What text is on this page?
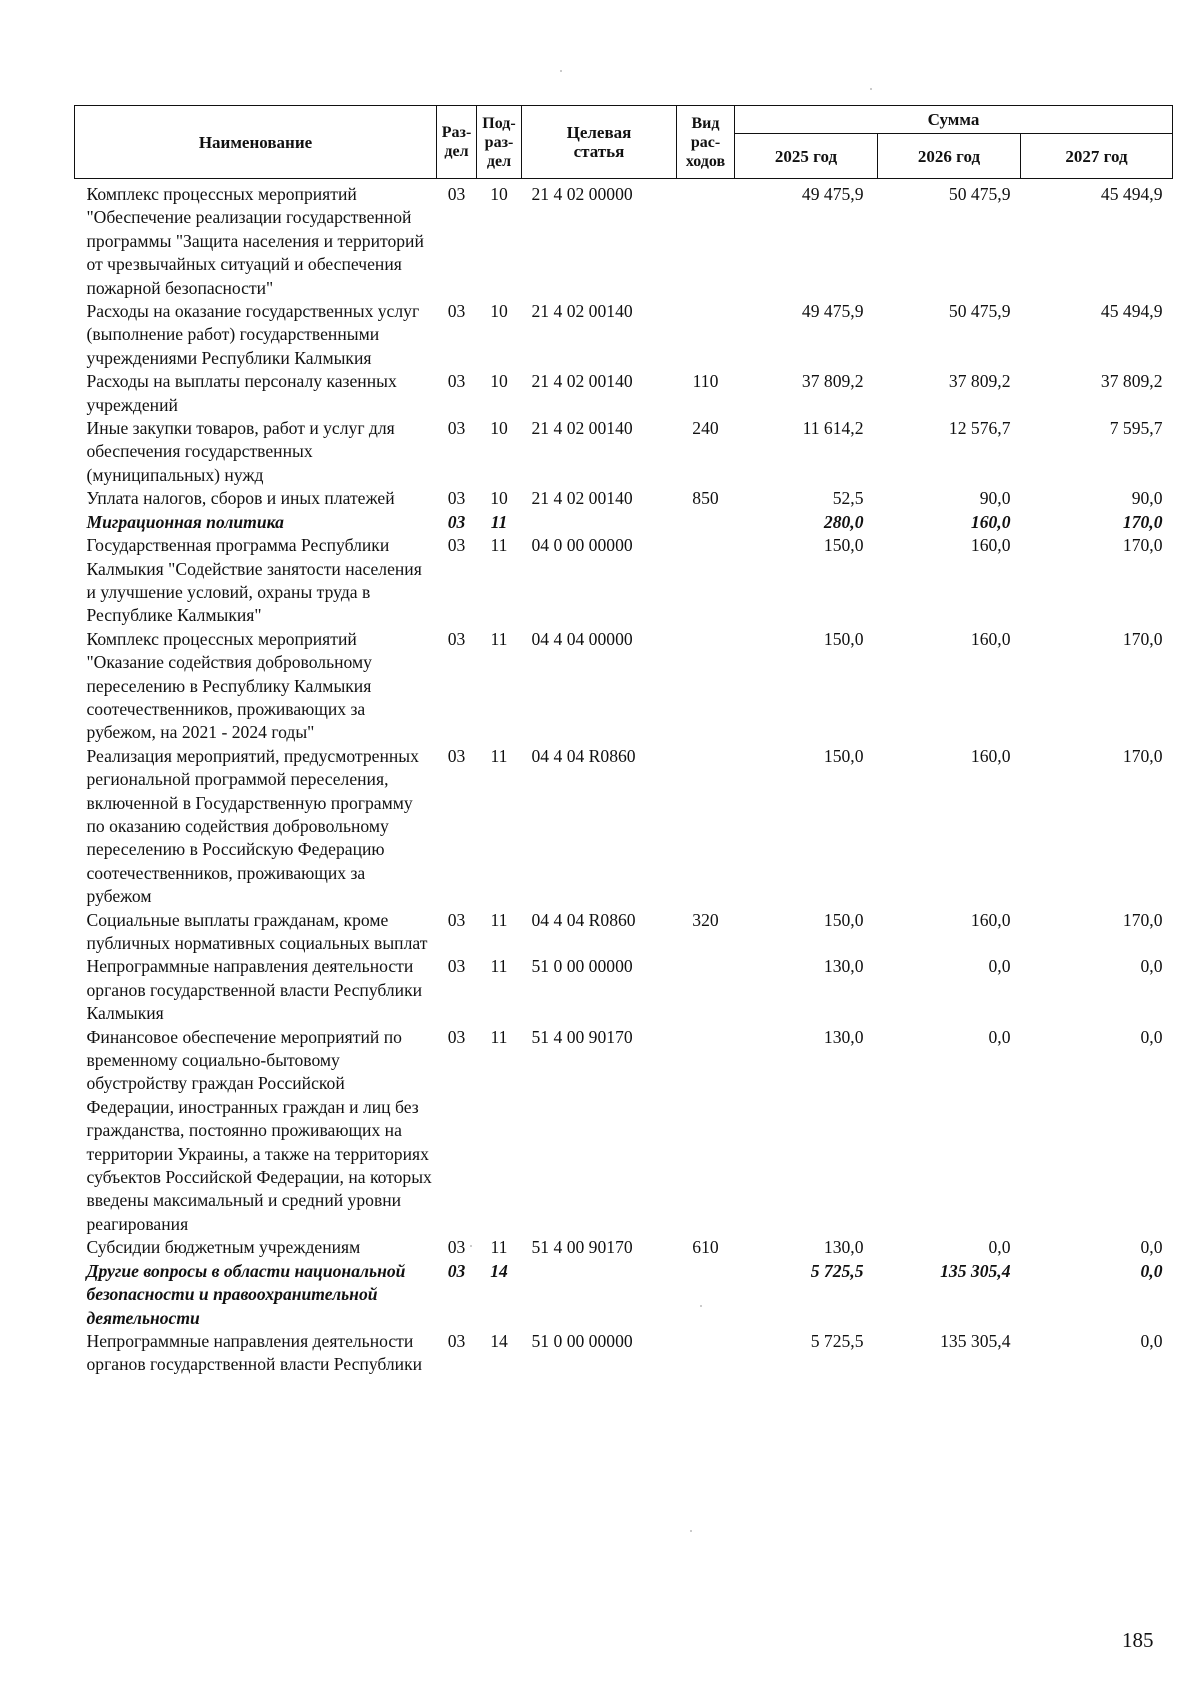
Наименование	Раз-дел	Под-раз-дел	Целевая статья	Вид рас-ходов	Сумма		
					2025 год	2026 год	2027 год
Комплекс процессных мероприятий "Обеспечение реализации государственной программы "Защита населения и территорий от чрезвычайных ситуаций и обеспечения пожарной безопасности"	03	10	21 4 02 00000		49 475,9	50 475,9	45 494,9
Расходы на оказание государственных услуг (выполнение работ) государственными учреждениями Республики Калмыкия	03	10	21 4 02 00140		49 475,9	50 475,9	45 494,9
Расходы на выплаты персоналу казенных учреждений	03	10	21 4 02 00140	110	37 809,2	37 809,2	37 809,2
Иные закупки товаров, работ и услуг для обеспечения государственных (муниципальных) нужд	03	10	21 4 02 00140	240	11 614,2	12 576,7	7 595,7
Уплата налогов, сборов и иных платежей	03	10	21 4 02 00140	850	52,5	90,0	90,0
Миграционная политика	03	11			280,0	160,0	170,0
Государственная программа Республики Калмыкия "Содействие занятости населения и улучшение условий, охраны труда в Республике Калмыкия"	03	11	04 0 00 00000		150,0	160,0	170,0
Комплекс процессных мероприятий "Оказание содействия добровольному переселению в Республику Калмыкия соотечественников, проживающих за рубежом, на 2021 - 2024 годы"	03	11	04 4 04 00000		150,0	160,0	170,0
Реализация мероприятий, предусмотренных региональной программой переселения, включенной в Государственную программу по оказанию содействия добровольному переселению в Российскую Федерацию соотечественников, проживающих за рубежом	03	11	04 4 04 R0860		150,0	160,0	170,0
Социальные выплаты гражданам, кроме публичных нормативных социальных выплат	03	11	04 4 04 R0860	320	150,0	160,0	170,0
Непрограммные направления деятельности органов государственной власти Республики Калмыкия	03	11	51 0 00 00000		130,0	0,0	0,0
Финансовое обеспечение мероприятий по временному социально-бытовому обустройству граждан Российской Федерации, иностранных граждан и лиц без гражданства, постоянно проживающих на территории Украины, а также на территориях субъектов Российской Федерации, на которых введены максимальный и средний уровни реагирования	03	11	51 4 00 90170		130,0	0,0	0,0
Субсидии бюджетным учреждениям	03	11	51 4 00 90170	610	130,0	0,0	0,0
Другие вопросы в области национальной безопасности и правоохранительной деятельности	03	14			5 725,5	135 305,4	0,0
Непрограммные направления деятельности органов государственной власти Республики	03	14	51 0 00 00000		5 725,5	135 305,4	0,0
185
